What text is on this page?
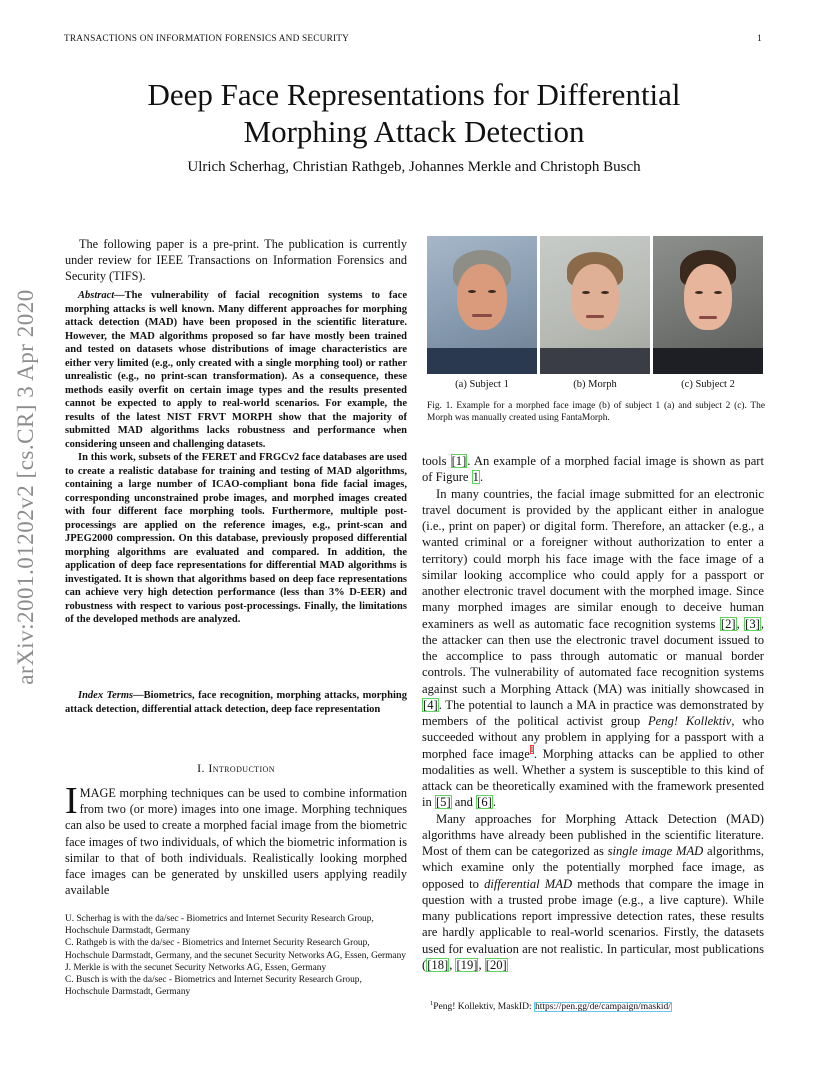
TRANSACTIONS ON INFORMATION FORENSICS AND SECURITY	1
Deep Face Representations for Differential
Morphing Attack Detection
Ulrich Scherhag, Christian Rathgeb, Johannes Merkle and Christoph Busch
arXiv:2001.01202v2 [cs.CR] 3 Apr 2020

The following paper is a pre-print. The publication is currently under review for IEEE Transactions on Information Forensics and Security (TIFS).

Abstract—The vulnerability of facial recognition systems to face morphing attacks is well known. Many different approaches for morphing attack detection (MAD) have been proposed in the scientific literature. However, the MAD algorithms proposed so far have mostly been trained and tested on datasets whose distributions of image characteristics are either very limited (e.g., only created with a single morphing tool) or rather unrealistic (e.g., no print-scan transformation). As a consequence, these methods easily overfit on certain image types and the results presented cannot be expected to apply to real-world scenarios. For example, the results of the latest NIST FRVT MORPH show that the majority of submitted MAD algorithms lacks robustness and performance when considering unseen and challenging datasets.

In this work, subsets of the FERET and FRGCv2 face databases are used to create a realistic database for training and testing of MAD algorithms, containing a large number of ICAO-compliant bona fide facial images, corresponding unconstrained probe images, and morphed images created with four different face morphing tools. Furthermore, multiple post-processings are applied on the reference images, e.g., print-scan and JPEG2000 compression. On this database, previously proposed differential morphing algorithms are evaluated and compared. In addition, the application of deep face representations for differential MAD algorithms is investigated. It is shown that algorithms based on deep face representations can achieve very high detection performance (less than 3% D-EER) and robustness with respect to various post-processings. Finally, the limitations of the developed methods are analyzed.

Index Terms—Biometrics, face recognition, morphing attacks, morphing attack detection, differential attack detection, deep face representation
I. Introduction
IMAGE morphing techniques can be used to combine information from two (or more) images into one image. Morphing techniques can also be used to create a morphed facial image from the biometric face images of two individuals, of which the biometric information is similar to that of both individuals. Realistically looking morphed face images can be generated by unskilled users applying readily available

U. Scherhag is with the da/sec - Biometrics and Internet Security Research Group, Hochschule Darmstadt, Germany

C. Rathgeb is with the da/sec - Biometrics and Internet Security Research Group, Hochschule Darmstadt, Germany, and the secunet Security Networks AG, Essen, Germany

J. Merkle is with the secunet Security Networks AG, Essen, Germany

C. Busch is with the da/sec - Biometrics and Internet Security Research Group, Hochschule Darmstadt, Germany

(a) Subject 1	(b) Morph	(c) Subject 2
Fig. 1. Example for a morphed face image (b) of subject 1 (a) and subject 2 (c). The Morph was manually created using FantaMorph.

tools [1]. An example of a morphed facial image is shown as part of Figure 1.

In many countries, the facial image submitted for an electronic travel document is provided by the applicant either in analogue (i.e., print on paper) or digital form. Therefore, an attacker (e.g., a wanted criminal or a foreigner without authorization to enter a territory) could morph his face image with the face image of a similar looking accomplice who could apply for a passport or another electronic travel document with the morphed image. Since many morphed images are similar enough to deceive human examiners as well as automatic face recognition systems [2], [3], the attacker can then use the electronic travel document issued to the accomplice to pass through automatic or manual border controls. The vulnerability of automated face recognition systems against such a Morphing Attack (MA) was initially showcased in [4]. The potential to launch a MA in practice was demonstrated by members of the political activist group Peng! Kollektiv, who succeeded without any problem in applying for a passport with a morphed face image$^1$. Morphing attacks can be applied to other modalities as well. Whether a system is susceptible to this kind of attack can be theoretically examined with the framework presented in [5] and [6].

Many approaches for Morphing Attack Detection (MAD) algorithms have already been published in the scientific literature. Most of them can be categorized as single image MAD algorithms, which examine only the potentially morphed face image, as opposed to differential MAD methods that compare the image in question with a trusted probe image (e.g., a live capture). While many publications report impressive detection rates, these results are hardly applicable to real-world scenarios. Firstly, the datasets used for evaluation are not realistic. In particular, most publications ([18], [19], [20]

$^1$Peng! Kollektiv, MaskID: https://pen.gg/de/campaign/maskid/
